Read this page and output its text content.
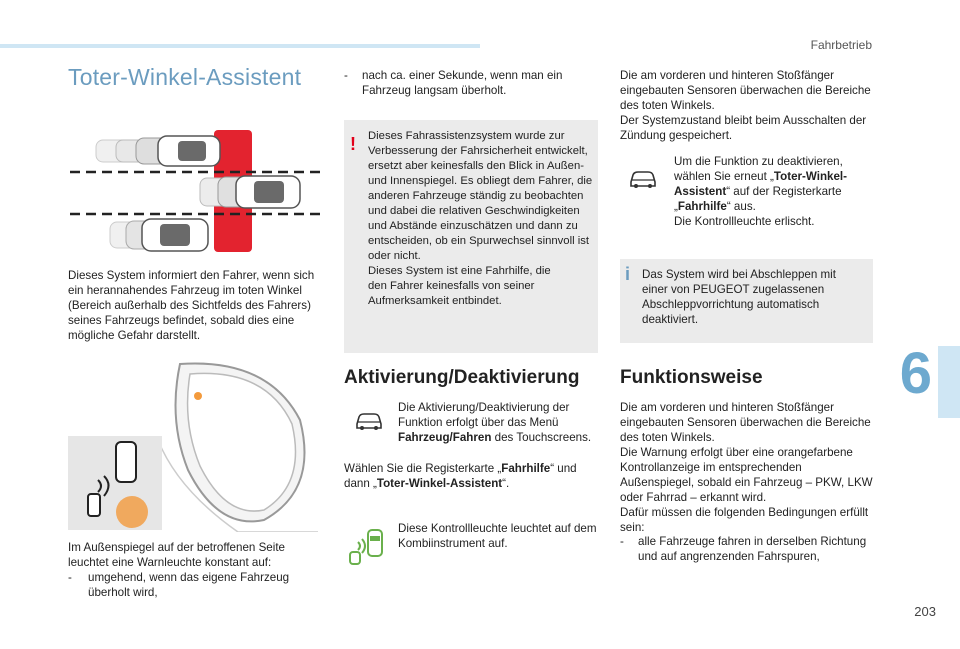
Fahrbetrieb
6
203
Toter-Winkel-Assistent
Dieses System informiert den Fahrer, wenn sich
ein herannahendes Fahrzeug im toten Winkel
(Bereich außerhalb des Sichtfelds des Fahrers)
seines Fahrzeugs befindet, sobald dies eine
mögliche Gefahr darstellt.
Im Außenspiegel auf der betroffenen Seite
leuchtet eine Warnleuchte konstant auf:
- umgehend, wenn das eigene Fahrzeug
überholt wird,
- nach ca. einer Sekunde, wenn man ein
Fahrzeug langsam überholt.
! Dieses Fahrassistenzsystem wurde zur
Verbesserung der Fahrsicherheit entwickelt,
ersetzt aber keinesfalls den Blick in Außen-
und Innenspiegel. Es obliegt dem Fahrer, die
anderen Fahrzeuge ständig zu beobachten
und dabei die relativen Geschwindigkeiten
und Abstände einzuschätzen und dann zu
entscheiden, ob ein Spurwechsel sinnvoll ist
oder nicht.
Dieses System ist eine Fahrhilfe, die
den Fahrer keinesfalls von seiner
Aufmerksamkeit entbindet.
Aktivierung/Deaktivierung
Die Aktivierung/Deaktivierung der
Funktion erfolgt über das Menü
Fahrzeug/Fahren des Touchscreens.
Wählen Sie die Registerkarte „Fahrhilfe“ und
dann „Toter-Winkel-Assistent“.
Diese Kontrollleuchte leuchtet auf dem
Kombiinstrument auf.
Die am vorderen und hinteren Stoßfänger
eingebauten Sensoren überwachen die Bereiche
des toten Winkels.
Der Systemzustand bleibt beim Ausschalten der
Zündung gespeichert.
Um die Funktion zu deaktivieren,
wählen Sie erneut „Toter-Winkel-
Assistent“ auf der Registerkarte
„Fahrhilfe“ aus.
Die Kontrollleuchte erlischt.
i Das System wird bei Abschleppen mit
einer von PEUGEOT zugelassenen
Abschleppvorrichtung automatisch
deaktiviert.
Funktionsweise
Die am vorderen und hinteren Stoßfänger
eingebauten Sensoren überwachen die Bereiche
des toten Winkels.
Die Warnung erfolgt über eine orangefarbene
Kontrollanzeige im entsprechenden
Außenspiegel, sobald ein Fahrzeug – PKW, LKW
oder Fahrrad – erkannt wird.
Dafür müssen die folgenden Bedingungen erfüllt
sein:
- alle Fahrzeuge fahren in derselben Richtung
und auf angrenzenden Fahrspuren,
